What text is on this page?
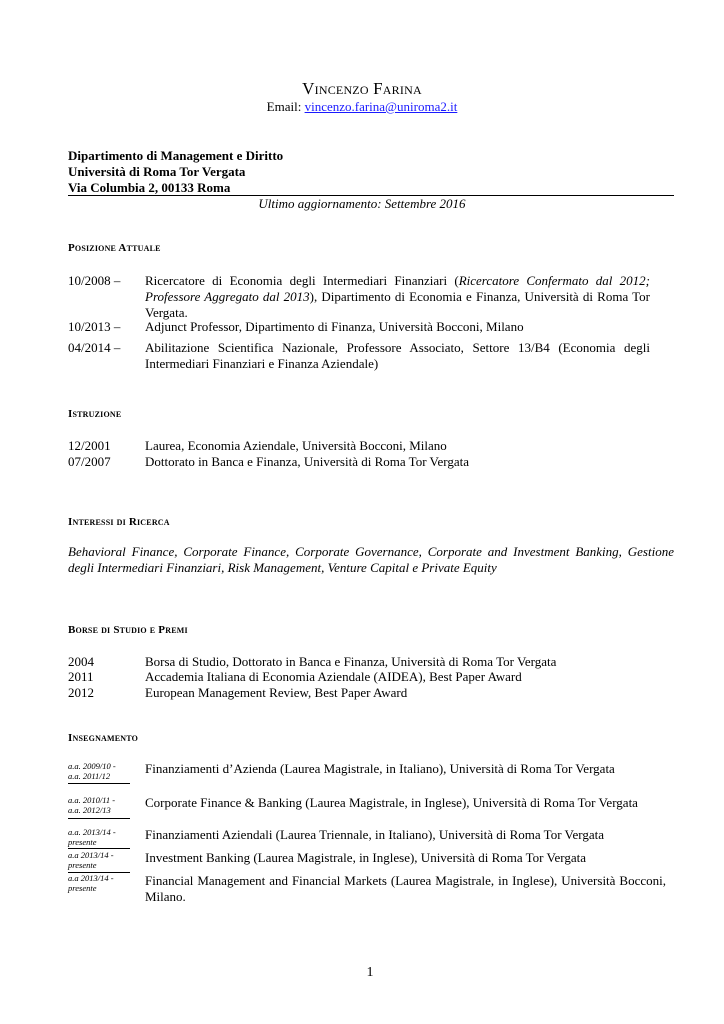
Vincenzo Farina
Email: vincenzo.farina@uniroma2.it
Dipartimento di Management e Diritto
Università di Roma Tor Vergata
Via Columbia 2, 00133 Roma
Ultimo aggiornamento: Settembre 2016
Posizione Attuale
10/2008 –	Ricercatore di Economia degli Intermediari Finanziari (Ricercatore Confermato dal 2012; Professore Aggregato dal 2013), Dipartimento di Economia e Finanza, Università di Roma Tor Vergata.
10/2013 –	Adjunct Professor, Dipartimento di Finanza, Università Bocconi, Milano
04/2014 –	Abilitazione Scientifica Nazionale, Professore Associato, Settore 13/B4 (Economia degli Intermediari Finanziari e Finanza Aziendale)
Istruzione
12/2001	Laurea, Economia Aziendale, Università Bocconi, Milano
07/2007	Dottorato in Banca e Finanza, Università di Roma Tor Vergata
Interessi di Ricerca
Behavioral Finance, Corporate Finance, Corporate Governance, Corporate and Investment Banking, Gestione degli Intermediari Finanziari, Risk Management, Venture Capital e Private Equity
Borse di Studio e Premi
2004	Borsa di Studio, Dottorato in Banca e Finanza, Università di Roma Tor Vergata
2011	Accademia Italiana di Economia Aziendale (AIDEA), Best Paper Award
2012	European Management Review, Best Paper Award
Insegnamento
a.a. 2009/10 -
a.a. 2011/12	Finanziamenti d’Azienda (Laurea Magistrale, in Italiano), Università di Roma Tor Vergata
a.a. 2010/11 -
a.a. 2012/13	Corporate Finance & Banking (Laurea Magistrale, in Inglese), Università di Roma Tor Vergata
a.a. 2013/14 -
presente	Finanziamenti Aziendali (Laurea Triennale, in Italiano), Università di Roma Tor Vergata
a.a 2013/14 -
presente	Investment Banking (Laurea Magistrale, in Inglese), Università di Roma Tor Vergata
a.a 2013/14 -
presente	Financial Management and Financial Markets (Laurea Magistrale, in Inglese), Università Bocconi, Milano.
1
